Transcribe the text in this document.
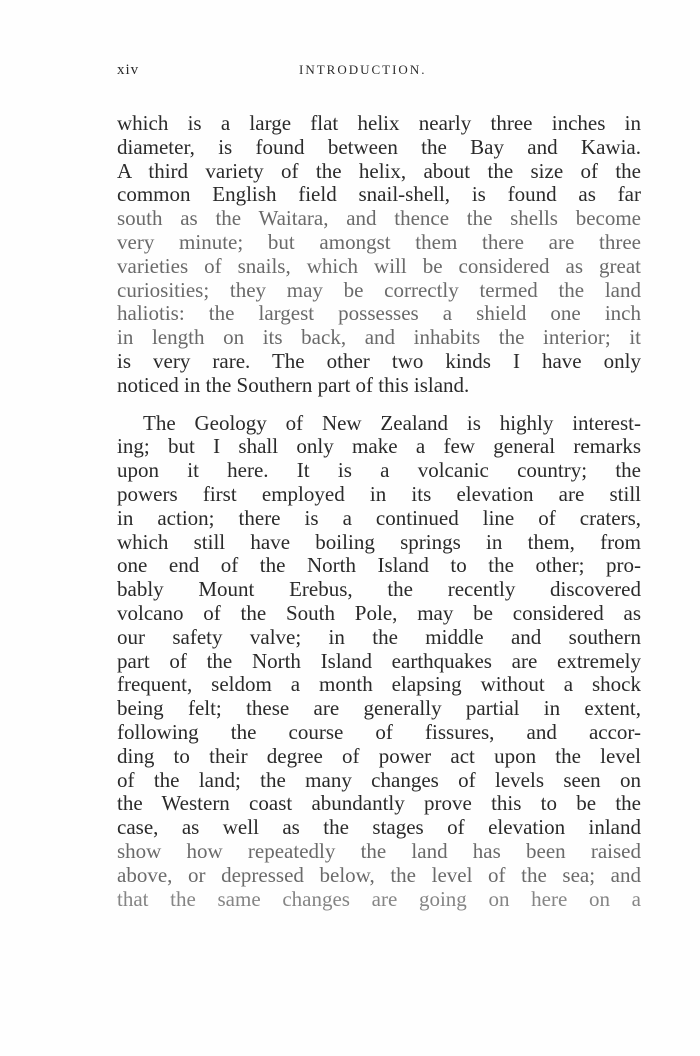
xiv	INTRODUCTION.
which is a large flat helix nearly three inches in
diameter, is found between the Bay and Kawia.
A third variety of the helix, about the size of the
common English field snail-shell, is found as far
south as the Waitara, and thence the shells become
very minute; but amongst them there are three
varieties of snails, which will be considered as great
curiosities; they may be correctly termed the land
haliotis: the largest possesses a shield one inch
in length on its back, and inhabits the interior; it
is very rare. The other two kinds I have only
noticed in the Southern part of this island.
The Geology of New Zealand is highly interest-
ing; but I shall only make a few general remarks
upon it here. It is a volcanic country; the
powers first employed in its elevation are still
in action; there is a continued line of craters,
which still have boiling springs in them, from
one end of the North Island to the other; pro-
bably Mount Erebus, the recently discovered
volcano of the South Pole, may be considered as
our safety valve; in the middle and southern
part of the North Island earthquakes are extremely
frequent, seldom a month elapsing without a shock
being felt; these are generally partial in extent,
following the course of fissures, and accor-
ding to their degree of power act upon the level
of the land; the many changes of levels seen on
the Western coast abundantly prove this to be the
case, as well as the stages of elevation inland
show how repeatedly the land has been raised
above, or depressed below, the level of the sea; and
that the same changes are going on here on a
